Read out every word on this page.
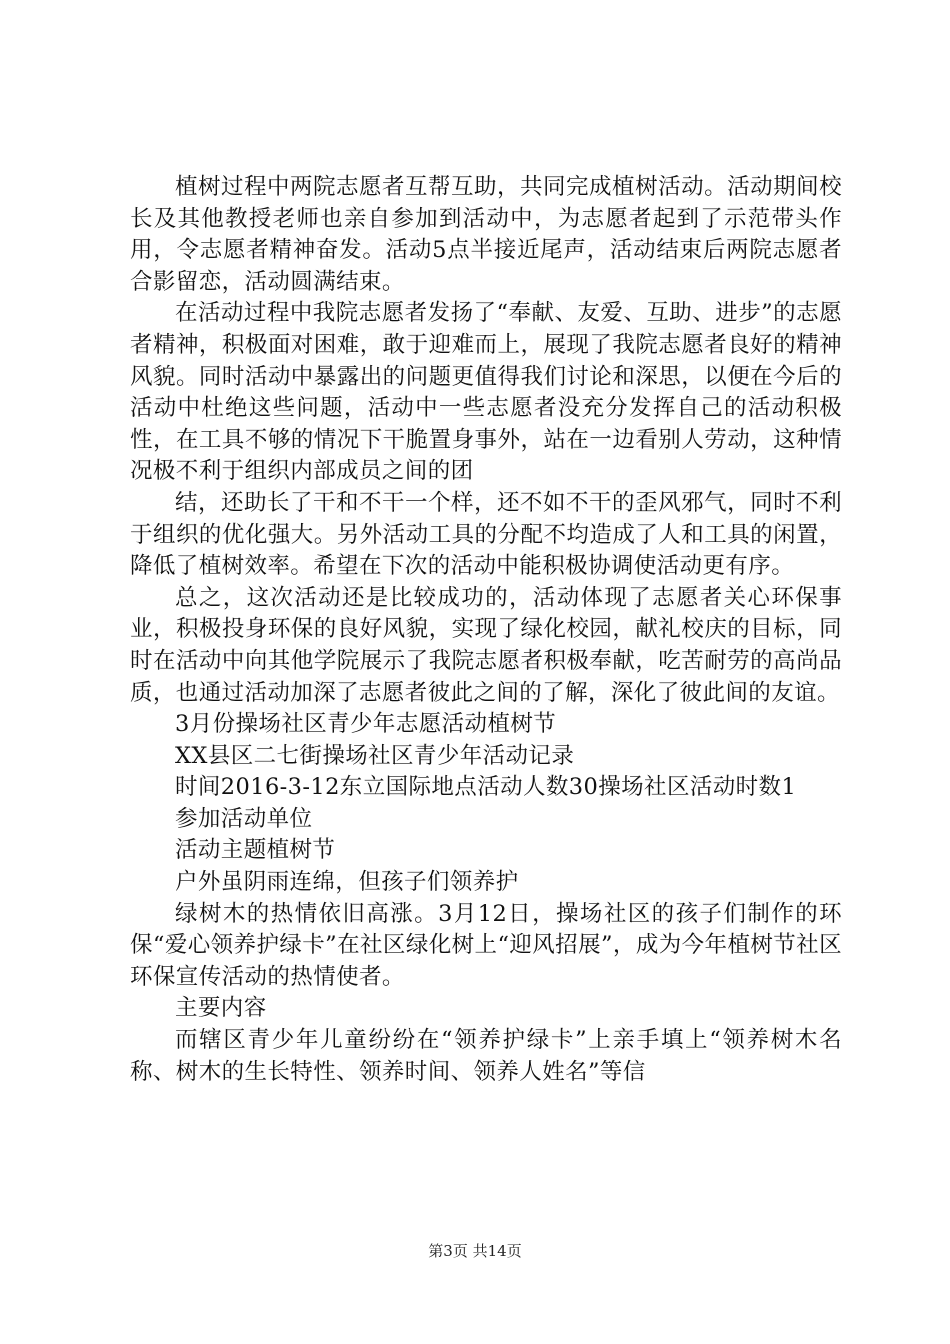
植树过程中两院志愿者互帮互助，共同完成植树活动。活动期间校长及其他教授老师也亲自参加到活动中，为志愿者起到了示范带头作用，令志愿者精神奋发。活动5点半接近尾声，活动结束后两院志愿者合影留恋，活动圆满结束。

在活动过程中我院志愿者发扬了“奉献、友爱、互助、进步”的志愿者精神，积极面对困难，敢于迎难而上，展现了我院志愿者良好的精神风貌。同时活动中暴露出的问题更值得我们讨论和深思，以便在今后的活动中杜绝这些问题，活动中一些志愿者没充分发挥自己的活动积极性，在工具不够的情况下干脆置身事外，站在一边看别人劳动，这种情况极不利于组织内部成员之间的团

结，还助长了干和不干一个样，还不如不干的歪风邪气，同时不利于组织的优化强大。另外活动工具的分配不均造成了人和工具的闲置，降低了植树效率。希望在下次的活动中能积极协调使活动更有序。

总之，这次活动还是比较成功的，活动体现了志愿者关心环保事业，积极投身环保的良好风貌，实现了绿化校园，献礼校庆的目标，同时在活动中向其他学院展示了我院志愿者积极奉献，吃苦耐劳的高尚品质，也通过活动加深了志愿者彼此之间的了解，深化了彼此间的友谊。

3月份操场社区青少年志愿活动植树节

XX县区二七街操场社区青少年活动记录

时间2016-3-12东立国际地点活动人数30操场社区活动时数1

参加活动单位

活动主题植树节

户外虽阴雨连绵，但孩子们领养护

绿树木的热情依旧高涨。3月12日，操场社区的孩子们制作的环保“爱心领养护绿卡”在社区绿化树上“迎风招展”，成为今年植树节社区环保宣传活动的热情使者。

主要内容

而辖区青少年儿童纷纷在“领养护绿卡”上亲手填上“领养树木名称、树木的生长特性、领养时间、领养人姓名”等信

第3页 共14页
